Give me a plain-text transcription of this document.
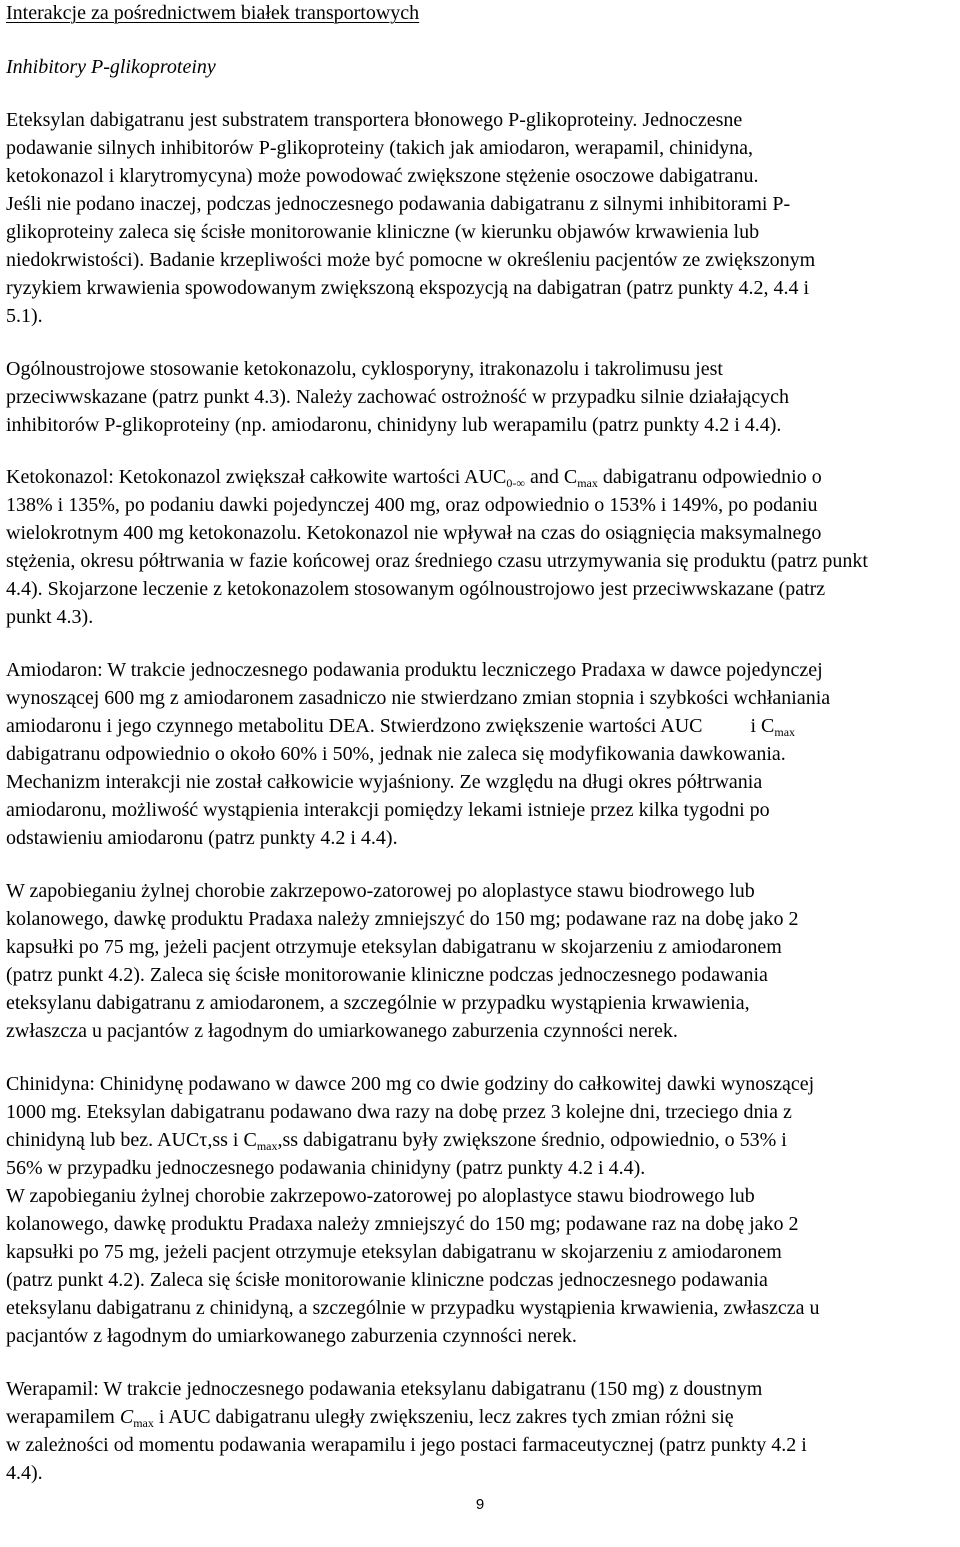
Interakcje za pośrednictwem białek transportowych
Inhibitory P-glikoproteiny
Eteksylan dabigatranu jest substratem transportera błonowego P-glikoproteiny. Jednoczesne
podawanie silnych inhibitorów P-glikoproteiny (takich jak amiodaron, werapamil, chinidyna,
ketokonazol i klarytromycyna) może powodować zwiększone stężenie osoczowe dabigatranu.
Jeśli nie podano inaczej, podczas jednoczesnego podawania dabigatranu z silnymi inhibitorami P-
glikoproteiny zaleca się ścisłe monitorowanie kliniczne (w kierunku objawów krwawienia lub
niedokrwistości). Badanie krzepliwości może być pomocne w określeniu pacjentów ze zwiększonym
ryzykiem krwawienia spowodowanym zwiększoną ekspozycją na dabigatran (patrz punkty 4.2, 4.4 i
5.1).
Ogólnoustrojowe stosowanie ketokonazolu, cyklosporyny, itrakonazolu i takrolimusu jest
przeciwwskazane (patrz punkt 4.3). Należy zachować ostrożność w przypadku silnie działających
inhibitorów P-glikoproteiny (np. amiodaronu, chinidyny lub werapamilu (patrz punkty 4.2 i 4.4).
Ketokonazol: Ketokonazol zwiększał całkowite wartości $AUC_{0-\infty}$ and $C_{max}$ dabigatranu odpowiednio o
138% i 135%, po podaniu dawki pojedynczej 400 mg, oraz odpowiednio o 153% i 149%, po podaniu
wielokrotnym 400 mg ketokonazolu. Ketokonazol nie wpływał na czas do osiągnięcia maksymalnego
stężenia, okresu półtrwania w fazie końcowej oraz średniego czasu utrzymywania się produktu (patrz punkt
4.4). Skojarzone leczenie z ketokonazolem stosowanym ogólnoustrojowo jest przeciwwskazane (patrz
punkt 4.3).
Amiodaron: W trakcie jednoczesnego podawania produktu leczniczego Pradaxa w dawce pojedynczej
wynoszącej 600 mg z amiodaronem zasadniczo nie stwierdzano zmian stopnia i szybkości wchłaniania
amiodaronu i jego czynnego metabolitu DEA. Stwierdzono zwiększenie wartości AUC i $C_{max}$
dabigatranu odpowiednio o około 60% i 50%, jednak nie zaleca się modyfikowania dawkowania.
Mechanizm interakcji nie został całkowicie wyjaśniony. Ze względu na długi okres półtrwania
amiodaronu, możliwość wystąpienia interakcji pomiędzy lekami istnieje przez kilka tygodni po
odstawieniu amiodaronu (patrz punkty 4.2 i 4.4).
W zapobieganiu żylnej chorobie zakrzepowo-zatorowej po aloplastyce stawu biodrowego lub
kolanowego, dawkę produktu Pradaxa należy zmniejszyć do 150 mg; podawane raz na dobę jako 2
kapsułki po 75 mg, jeżeli pacjent otrzymuje eteksylan dabigatranu w skojarzeniu z amiodaronem
(patrz punkt 4.2). Zaleca się ścisłe monitorowanie kliniczne podczas jednoczesnego podawania
eteksylanu dabigatranu z amiodaronem, a szczególnie w przypadku wystąpienia krwawienia,
zwłaszcza u pacjantów z łagodnym do umiarkowanego zaburzenia czynności nerek.
Chinidyna: Chinidynę podawano w dawce 200 mg co dwie godziny do całkowitej dawki wynoszącej
1000 mg. Eteksylan dabigatranu podawano dwa razy na dobę przez 3 kolejne dni, trzeciego dnia z
chinidyną lub bez. AUCτ,ss i $C_{max},ss$ dabigatranu były zwiększone średnio, odpowiednio, o 53% i
56% w przypadku jednoczesnego podawania chinidyny (patrz punkty 4.2 i 4.4).
W zapobieganiu żylnej chorobie zakrzepowo-zatorowej po aloplastyce stawu biodrowego lub
kolanowego, dawkę produktu Pradaxa należy zmniejszyć do 150 mg; podawane raz na dobę jako 2
kapsułki po 75 mg, jeżeli pacjent otrzymuje eteksylan dabigatranu w skojarzeniu z amiodaronem
(patrz punkt 4.2). Zaleca się ścisłe monitorowanie kliniczne podczas jednoczesnego podawania
eteksylanu dabigatranu z chinidyną, a szczególnie w przypadku wystąpienia krwawienia, zwłaszcza u
pacjantów z łagodnym do umiarkowanego zaburzenia czynności nerek.
Werapamil: W trakcie jednoczesnego podawania eteksylanu dabigatranu (150 mg) z doustnym
werapamilem $C_{max}$ i AUC dabigatranu uległy zwiększeniu, lecz zakres tych zmian różni się
w zależności od momentu podawania werapamilu i jego postaci farmaceutycznej (patrz punkty 4.2 i
4.4).
9
